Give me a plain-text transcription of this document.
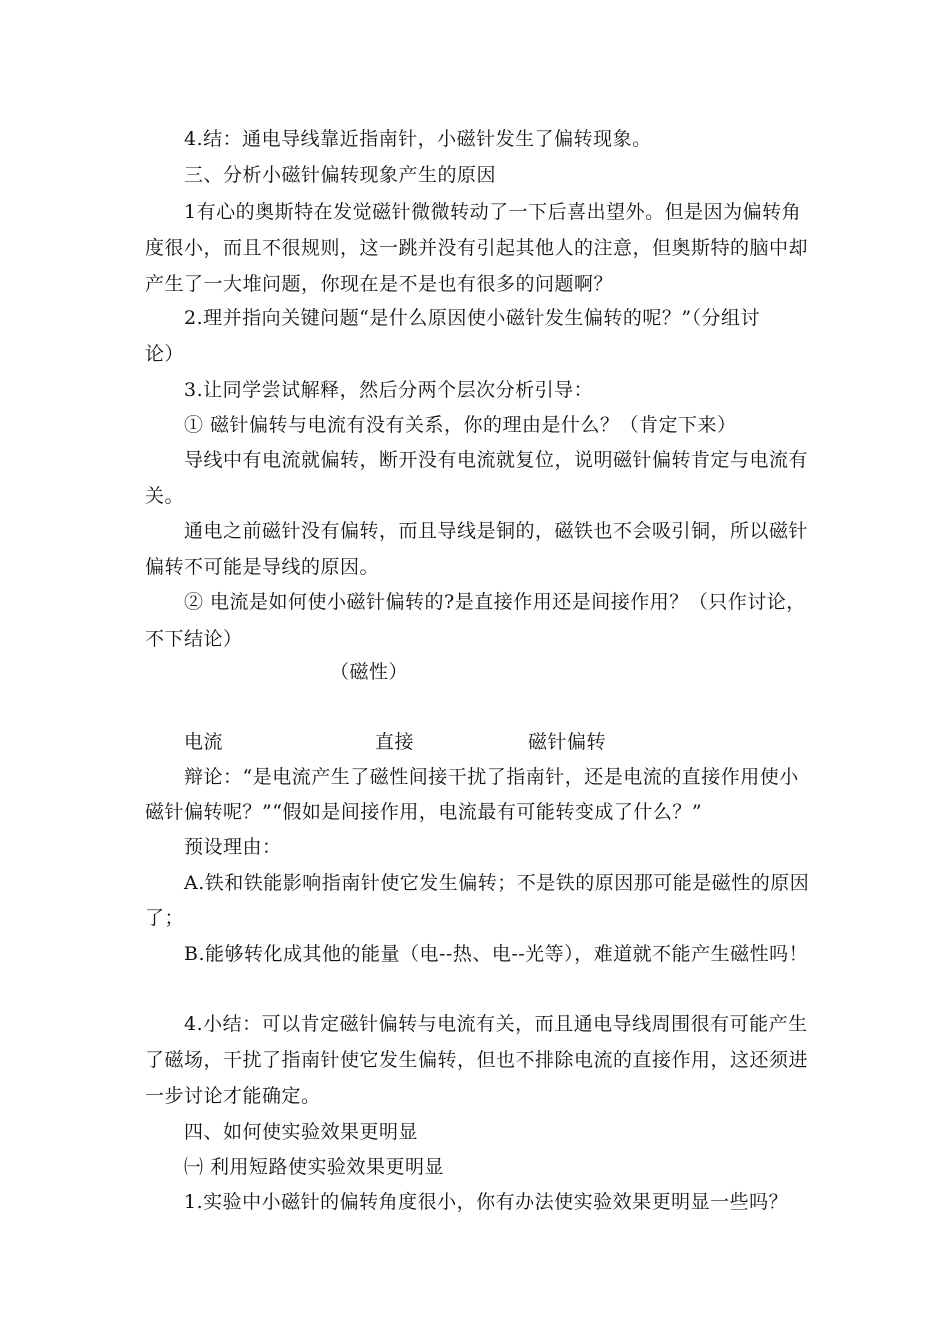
4.结：通电导线靠近指南针，小磁针发生了偏转现象。
三、分析小磁针偏转现象产生的原因
1有心的奥斯特在发觉磁针微微转动了一下后喜出望外。但是因为偏转角
度很小，而且不很规则，这一跳并没有引起其他人的注意，但奥斯特的脑中却
产生了一大堆问题，你现在是不是也有很多的问题啊？
2.理并指向关键问题“是什么原因使小磁针发生偏转的呢？”（分组讨
论）
3.让同学尝试解释，然后分两个层次分析引导：
① 磁针偏转与电流有没有关系，你的理由是什么？（肯定下来）
导线中有电流就偏转，断开没有电流就复位，说明磁针偏转肯定与电流有
关。
通电之前磁针没有偏转，而且导线是铜的，磁铁也不会吸引铜，所以磁针
偏转不可能是导线的原因。
② 电流是如何使小磁针偏转的?是直接作用还是间接作用？（只作讨论，
不下结论）
（磁性）
电流	直接	磁针偏转
辩论：“是电流产生了磁性间接干扰了指南针，还是电流的直接作用使小
磁针偏转呢？”“假如是间接作用，电流最有可能转变成了什么？”
预设理由：
A.铁和铁能影响指南针使它发生偏转；不是铁的原因那可能是磁性的原因
了；
B.能够转化成其他的能量（电--热、电--光等），难道就不能产生磁性吗！
4.小结：可以肯定磁针偏转与电流有关，而且通电导线周围很有可能产生
了磁场，干扰了指南针使它发生偏转，但也不排除电流的直接作用，这还须进
一步讨论才能确定。
四、如何使实验效果更明显
㈠ 利用短路使实验效果更明显
1.实验中小磁针的偏转角度很小，你有办法使实验效果更明显一些吗？
